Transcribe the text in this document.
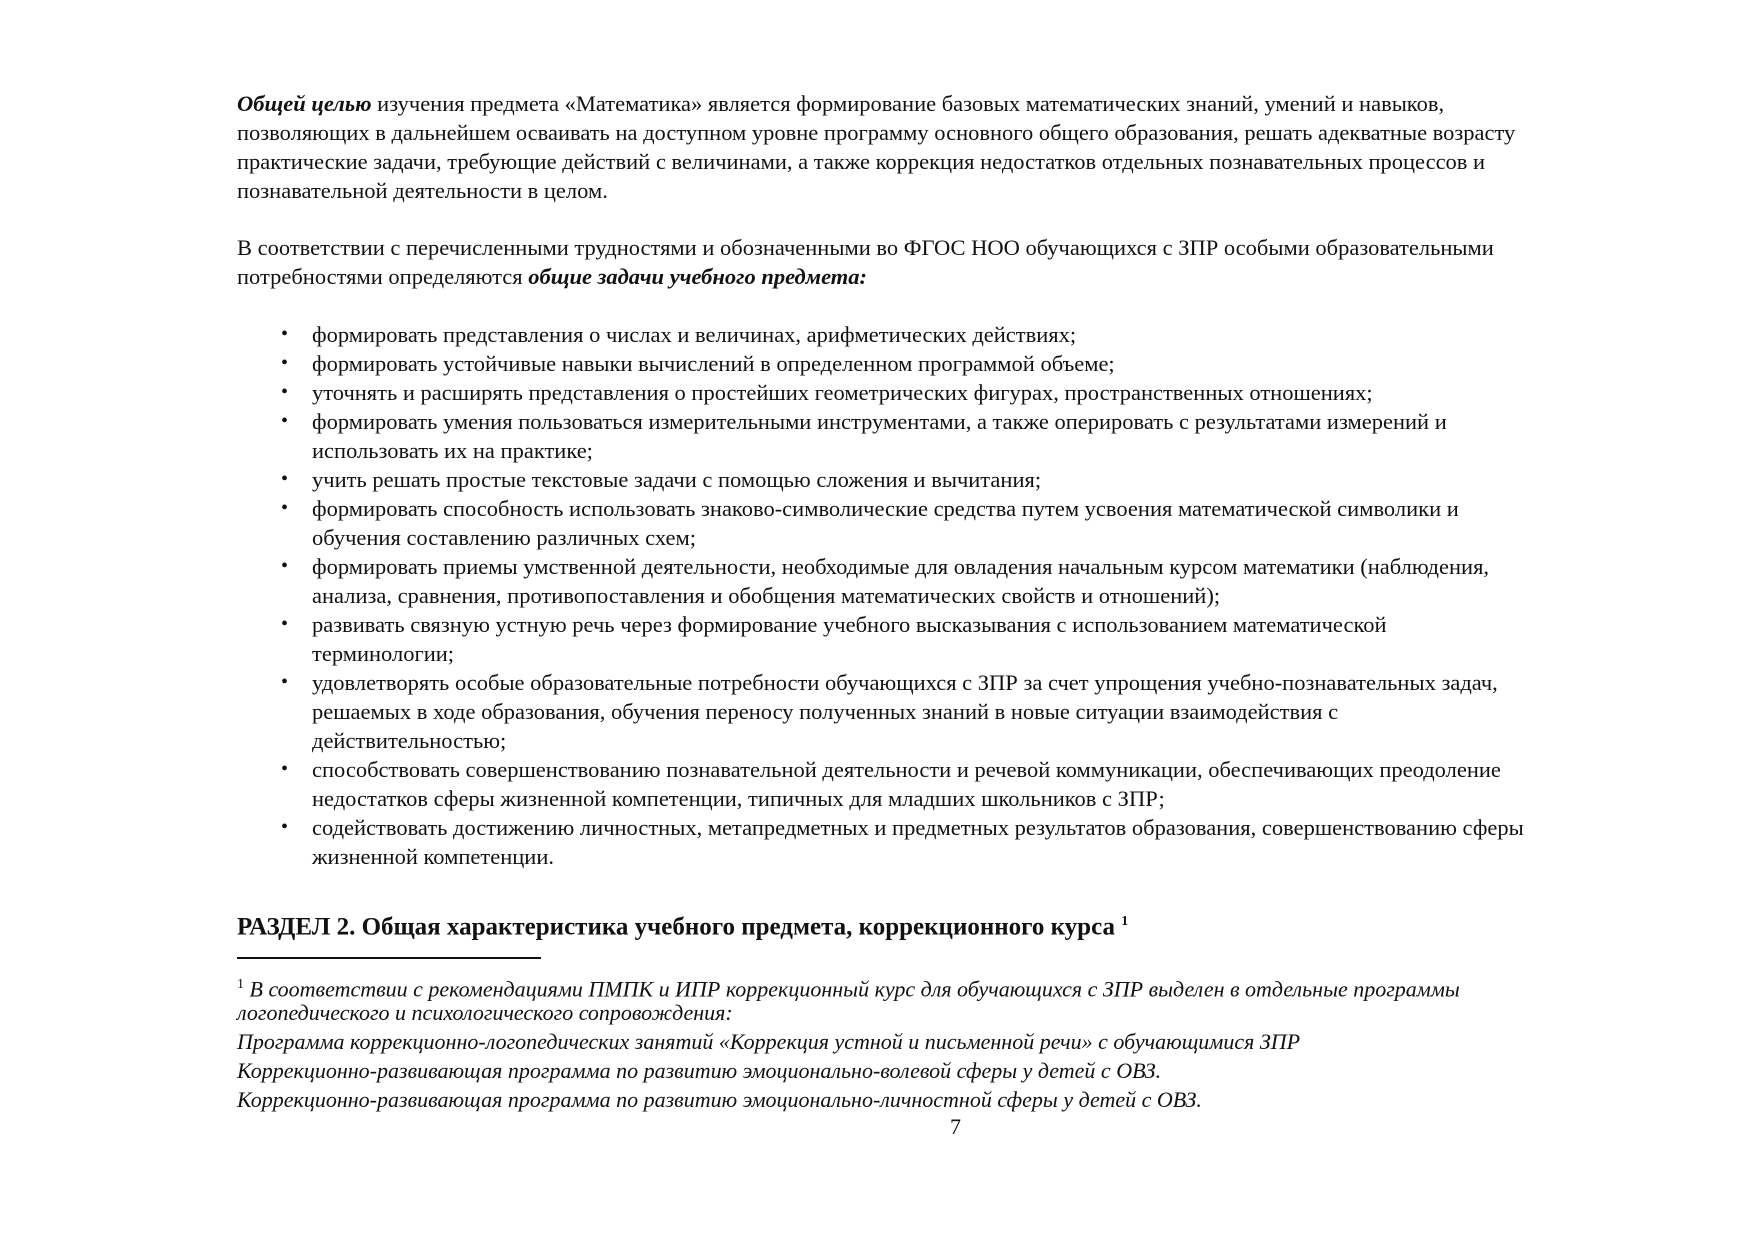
Общей целью изучения предмета «Математика» является формирование базовых математических знаний, умений и навыков,
позволяющих в дальнейшем осваивать на доступном уровне программу основного общего образования, решать адекватные возрасту
практические задачи, требующие действий с величинами, а также коррекция недостатков отдельных познавательных процессов и
познавательной деятельности в целом.
В соответствии с перечисленными трудностями и обозначенными во ФГОС НОО обучающихся с ЗПР особыми образовательными
потребностями определяются общие задачи учебного предмета:
• формировать представления о числах и величинах, арифметических действиях;
• формировать устойчивые навыки вычислений в определенном программой объеме;
• уточнять и расширять представления о простейших геометрических фигурах, пространственных отношениях;
• формировать умения пользоваться измерительными инструментами, а также оперировать с результатами измерений и
использовать их на практике;
• учить решать простые текстовые задачи с помощью сложения и вычитания;
• формировать способность использовать знаково-символические средства путем усвоения математической символики и
обучения составлению различных схем;
• формировать приемы умственной деятельности, необходимые для овладения начальным курсом математики (наблюдения,
анализа, сравнения, противопоставления и обобщения математических свойств и отношений);
• развивать связную устную речь через формирование учебного высказывания с использованием математической
терминологии;
• удовлетворять особые образовательные потребности обучающихся с ЗПР за счет упрощения учебно-познавательных задач,
решаемых в ходе образования, обучения переносу полученных знаний в новые ситуации взаимодействия с
действительностью;
• способствовать совершенствованию познавательной деятельности и речевой коммуникации, обеспечивающих преодоление
недостатков сферы жизненной компетенции, типичных для младших школьников с ЗПР;
• содействовать достижению личностных, метапредметных и предметных результатов образования, совершенствованию сферы
жизненной компетенции.
РАЗДЕЛ 2. Общая характеристика учебного предмета, коррекционного курса $^1$
$^1$ В соответствии с рекомендациями ПМПК и ИПР коррекционный курс для обучающихся с ЗПР выделен в отдельные программы
логопедического и психологического сопровождения:
Программа коррекционно-логопедических занятий «Коррекция устной и письменной речи» с обучающимися ЗПР
Коррекционно-развивающая программа по развитию эмоционально-волевой сферы у детей с ОВЗ.
Коррекционно-развивающая программа по развитию эмоционально-личностной сферы у детей с ОВЗ.
7
